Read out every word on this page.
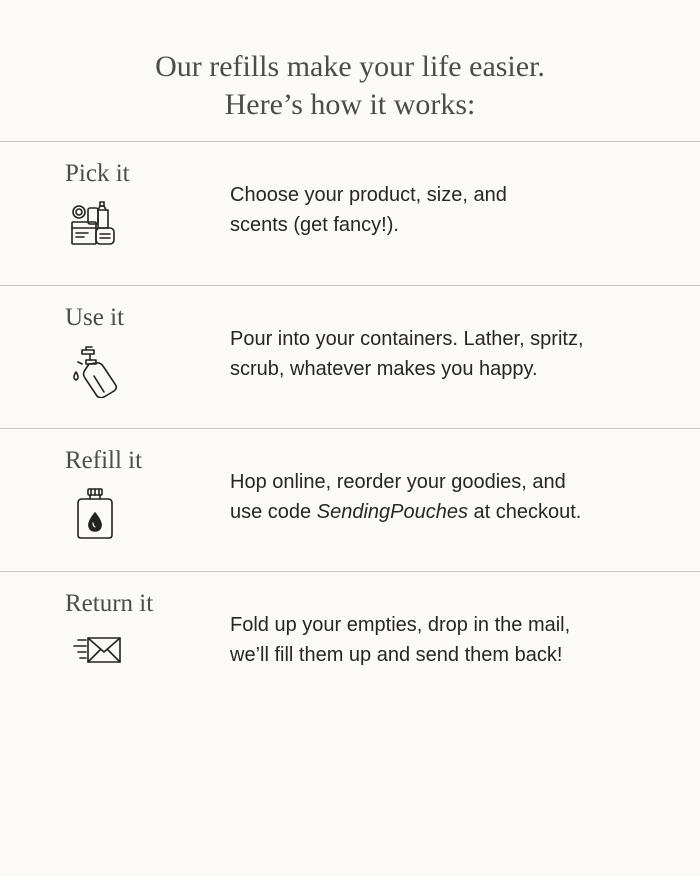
Our refills make your life easier.
Here’s how it works:
Pick it
Choose your product, size, and
scents (get fancy!).
Use it
Pour into your containers. Lather, spritz,
scrub, whatever makes you happy.
Refill it
Hop online, reorder your goodies, and
use code SendingPouches at checkout.
Return it
Fold up your empties, drop in the mail,
we’ll fill them up and send them back!
